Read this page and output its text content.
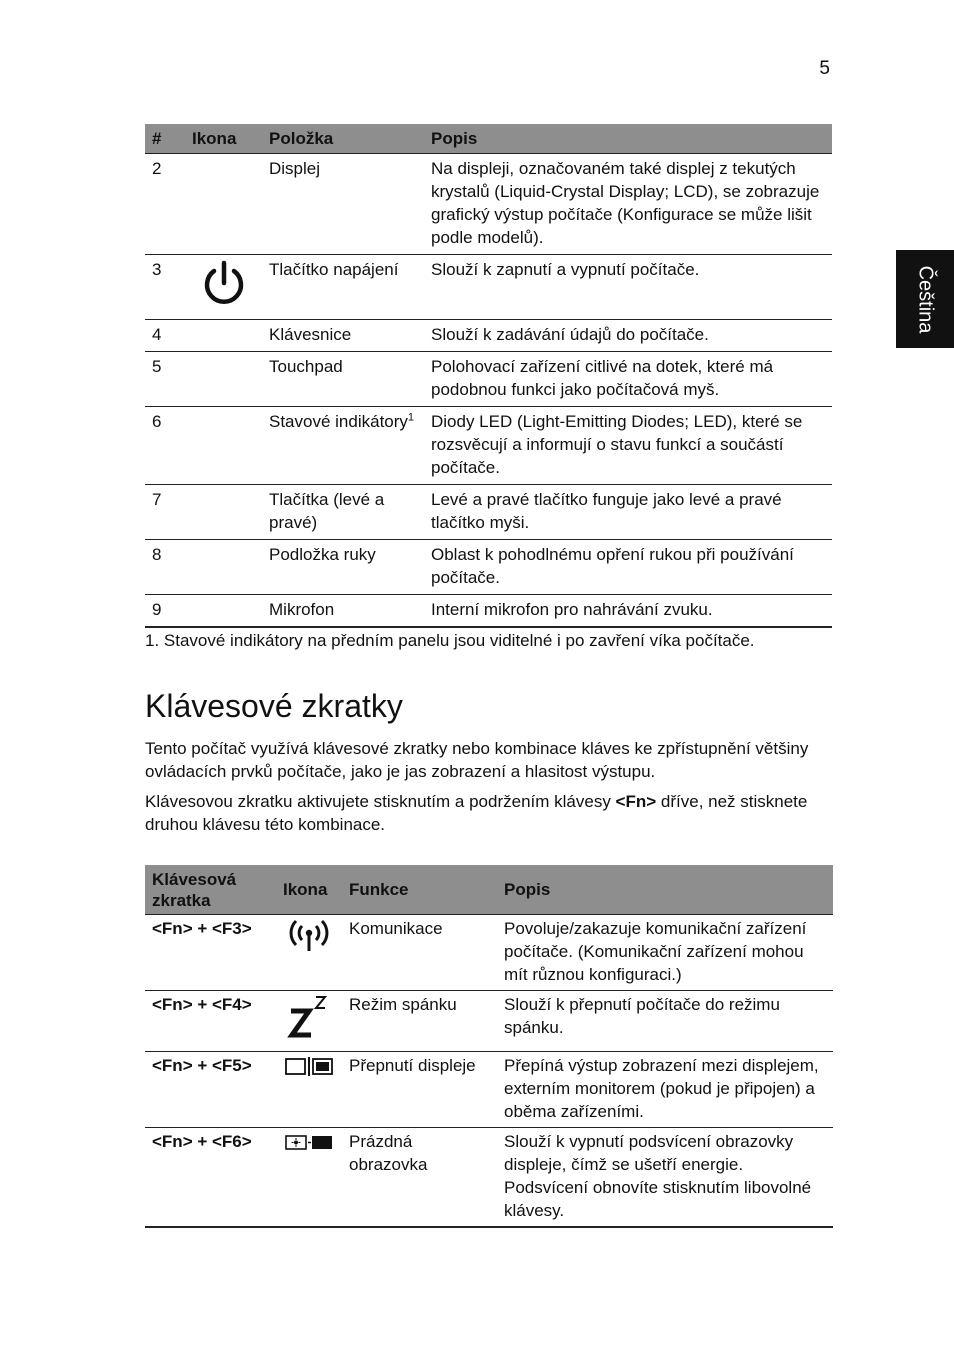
5
Čeština
#	Ikona	Položka	Popis
2		Displej	Na displeji, označovaném také displej z tekutých krystalů (Liquid-Crystal Display; LCD), se zobrazuje grafický výstup počítače (Konfigurace se může lišit podle modelů).
3		Tlačítko napájení	Slouží k zapnutí a vypnutí počítače.
4		Klávesnice	Slouží k zadávání údajů do počítače.
5		Touchpad	Polohovací zařízení citlivé na dotek, které má podobnou funkci jako počítačová myš.
6		Stavové indikátory$^1$	Diody LED (Light-Emitting Diodes; LED), které se rozsvěcují a informují o stavu funkcí a součástí počítače.
7		Tlačítka (levé a pravé)	Levé a pravé tlačítko funguje jako levé a pravé tlačítko myši.
8		Podložka ruky	Oblast k pohodlnému opření rukou při používání počítače.
9		Mikrofon	Interní mikrofon pro nahrávání zvuku.
1. Stavové indikátory na předním panelu jsou viditelné i po zavření víka počítače.
Klávesové zkratky

Tento počítač využívá klávesové zkratky nebo kombinace kláves ke zpřístupnění většiny ovládacích prvků počítače, jako je jas zobrazení a hlasitost výstupu.

Klávesovou zkratku aktivujete stisknutím a podržením klávesy <Fn> dříve, než stisknete druhou klávesu této kombinace.

Klávesová zkratka	Ikona	Funkce	Popis
<Fn> + <F3>		Komunikace	Povoluje/zakazuje komunikační zařízení počítače. (Komunikační zařízení mohou mít různou konfiguraci.)
<Fn> + <F4>		Režim spánku	Slouží k přepnutí počítače do režimu spánku.
<Fn> + <F5>		Přepnutí displeje	Přepíná výstup zobrazení mezi displejem, externím monitorem (pokud je připojen) a oběma zařízeními.
<Fn> + <F6>		Prázdná obrazovka	Slouží k vypnutí podsvícení obrazovky displeje, čímž se ušetří energie. Podsvícení obnovíte stisknutím libovolné klávesy.
